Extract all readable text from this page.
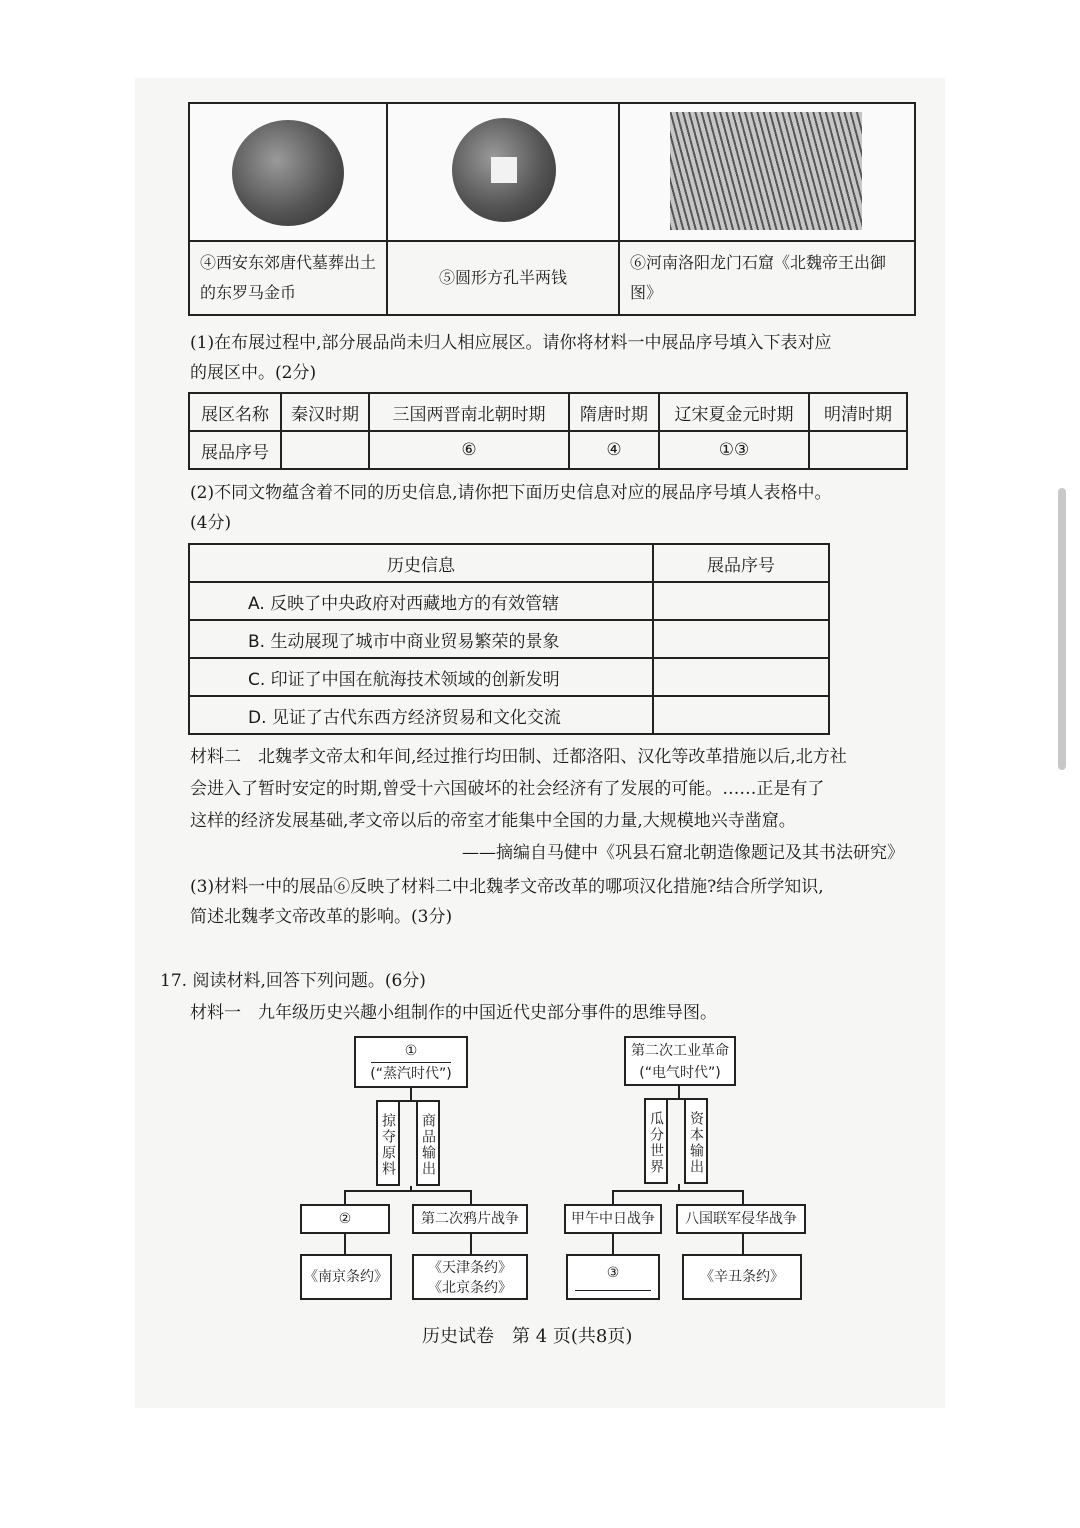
④西安东郊唐代墓葬出土的东罗马金币	⑤圆形方孔半两钱	⑥河南洛阳龙门石窟《北魏帝王出御图》
(1)在布展过程中,部分展品尚未归人相应展区。请你将材料一中展品序号填入下表对应
的展区中。(2分)
展区名称	秦汉时期	三国两晋南北朝时期	隋唐时期	辽宋夏金元时期	明清时期
展品序号		⑥	④	①③	
(2)不同文物蕴含着不同的历史信息,请你把下面历史信息对应的展品序号填人表格中。
(4分)
历史信息	展品序号
A. 反映了中央政府对西藏地方的有效管辖	
B. 生动展现了城市中商业贸易繁荣的景象	
C. 印证了中国在航海技术领域的创新发明	
D. 见证了古代东西方经济贸易和文化交流	
材料二　北魏孝文帝太和年间,经过推行均田制、迁都洛阳、汉化等改革措施以后,北方社
会进入了暂时安定的时期,曾受十六国破坏的社会经济有了发展的可能。……正是有了
这样的经济发展基础,孝文帝以后的帝室才能集中全国的力量,大规模地兴寺凿窟。
——摘编自马健中《巩县石窟北朝造像题记及其书法研究》
(3)材料一中的展品⑥反映了材料二中北魏孝文帝改革的哪项汉化措施?结合所学知识,
简述北魏孝文帝改革的影响。(3分)
17. 阅读材料,回答下列问题。(6分)
材料一　九年级历史兴趣小组制作的中国近代史部分事件的思维导图。
①
(“蒸汽时代”)
掠夺原料 商品输出
②	第二次鸦片战争
《南京条约》
《天津条约》
《北京条约》
第二次工业革命
(“电气时代”)
瓜分世界 资本输出
甲午中日战争	八国联军侵华战争
③	《辛丑条约》
历史试卷　第 4 页(共8页)
